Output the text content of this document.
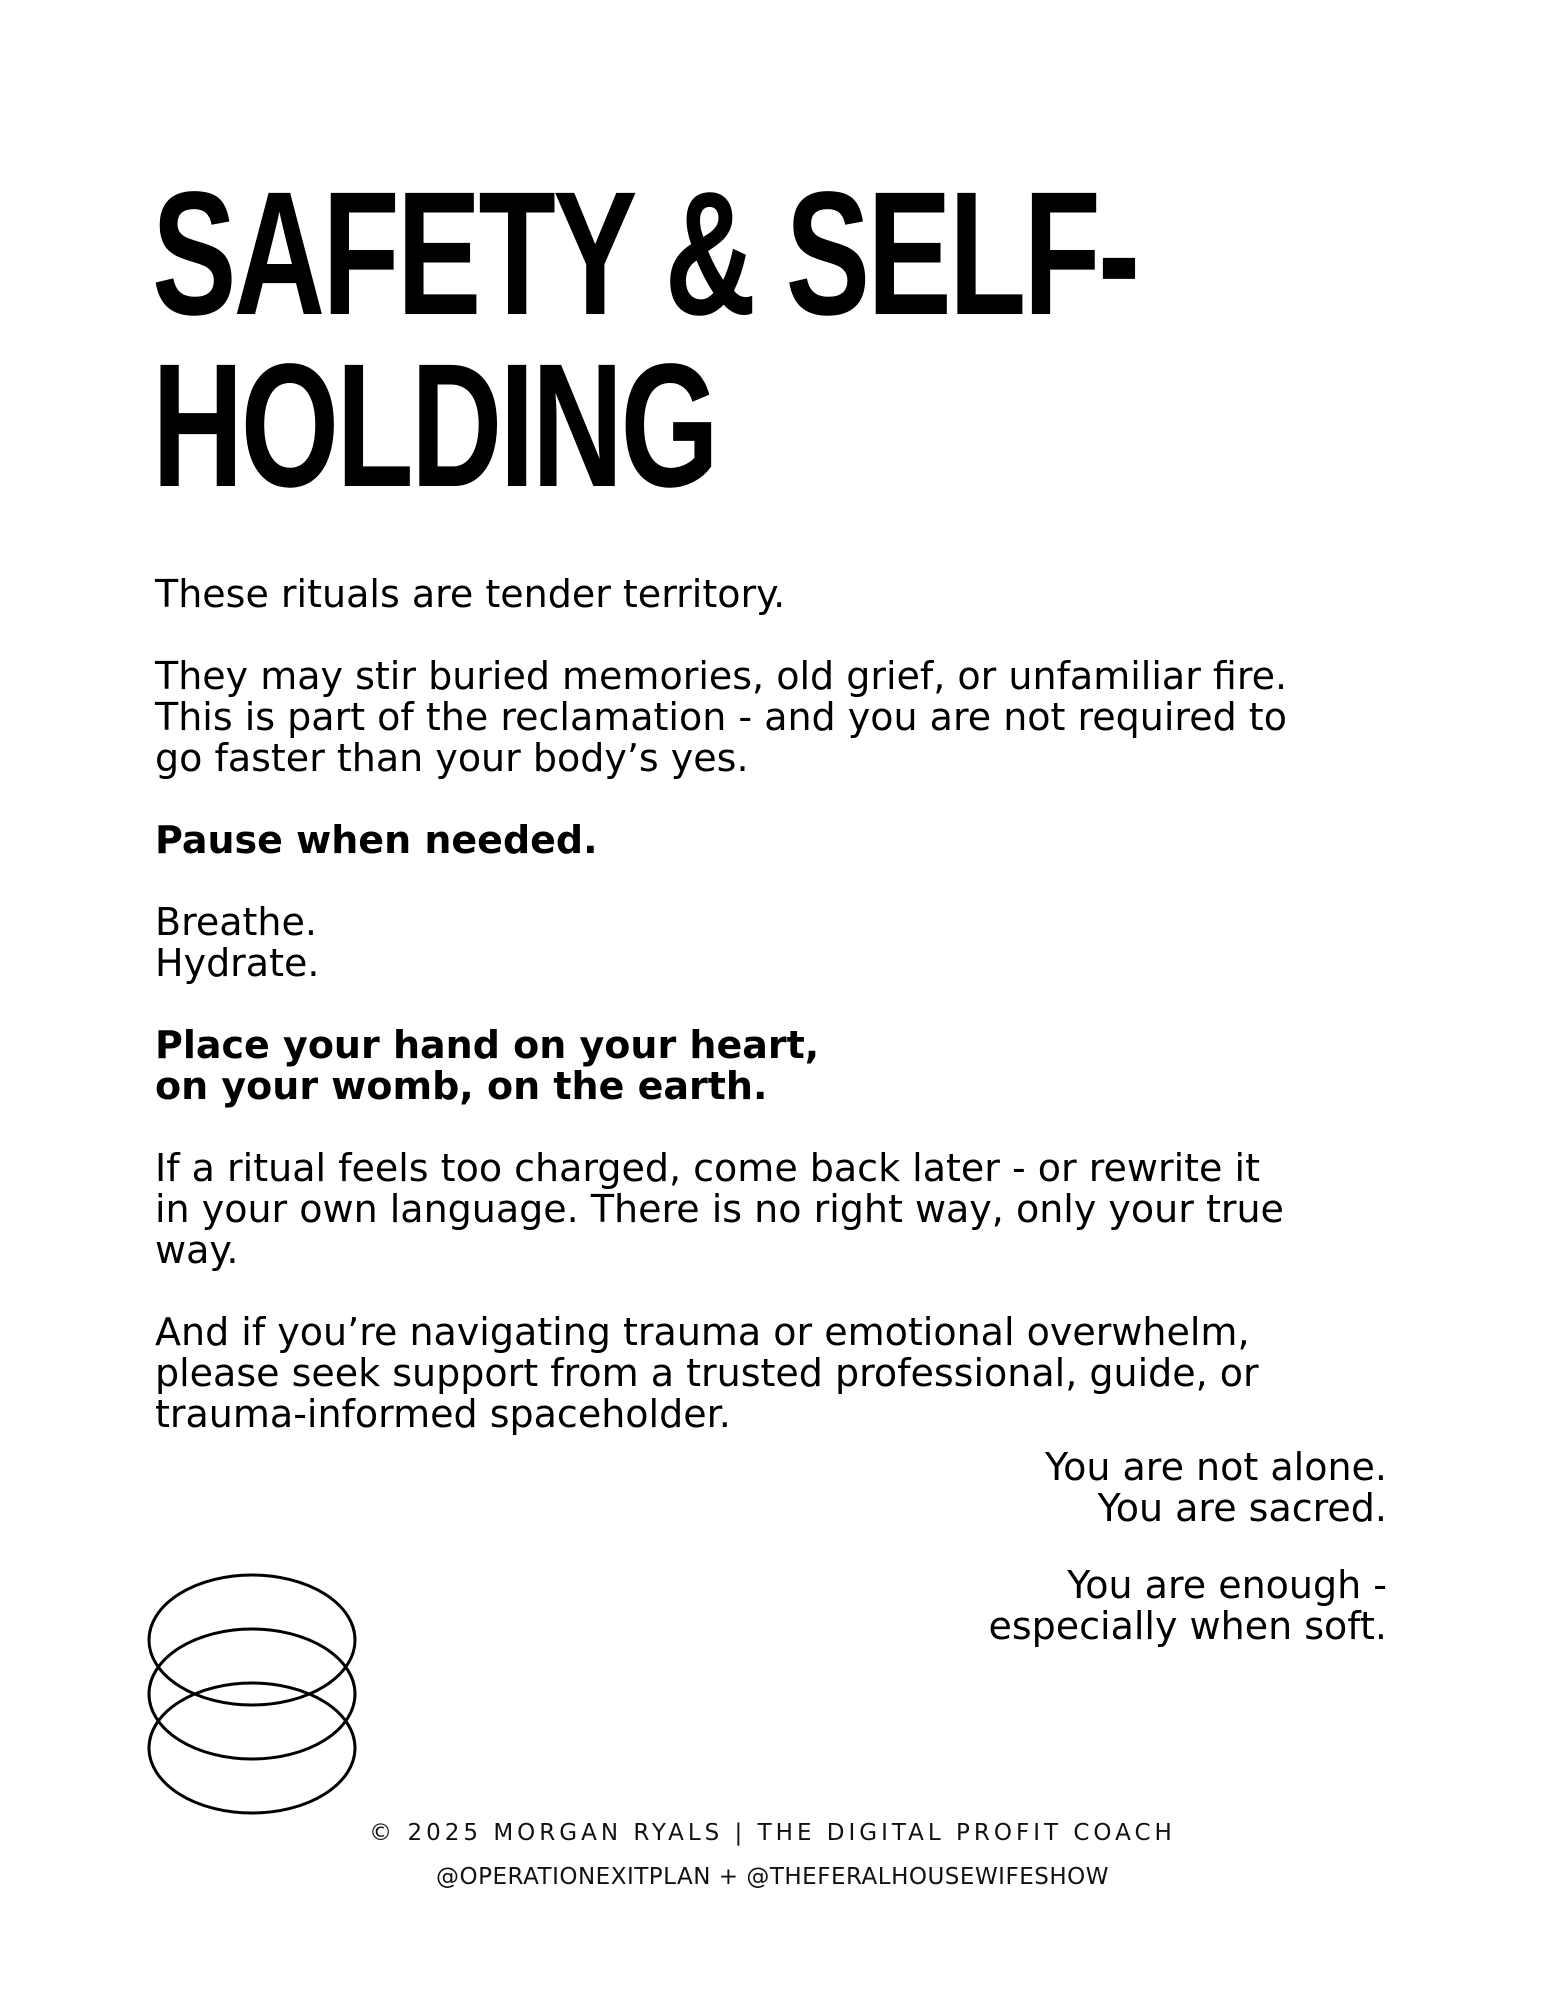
SAFETY & SELF-
HOLDING

These rituals are tender territory.

They may stir buried memories, old grief, or unfamiliar fire.
This is part of the reclamation - and you are not required to
go faster than your body’s yes.

Pause when needed.

Breathe.
Hydrate.

Place your hand on your heart,
on your womb, on the earth.

If a ritual feels too charged, come back later - or rewrite it
in your own language. There is no right way, only your true
way.

And if you’re navigating trauma or emotional overwhelm,
please seek support from a trusted professional, guide, or
trauma-informed spaceholder.

You are not alone.
You are sacred.

You are enough -
especially when soft.

© 2025 MORGAN RYALS | THE DIGITAL PROFIT COACH
@OPERATIONEXITPLAN + @THEFERALHOUSEWIFESHOW
